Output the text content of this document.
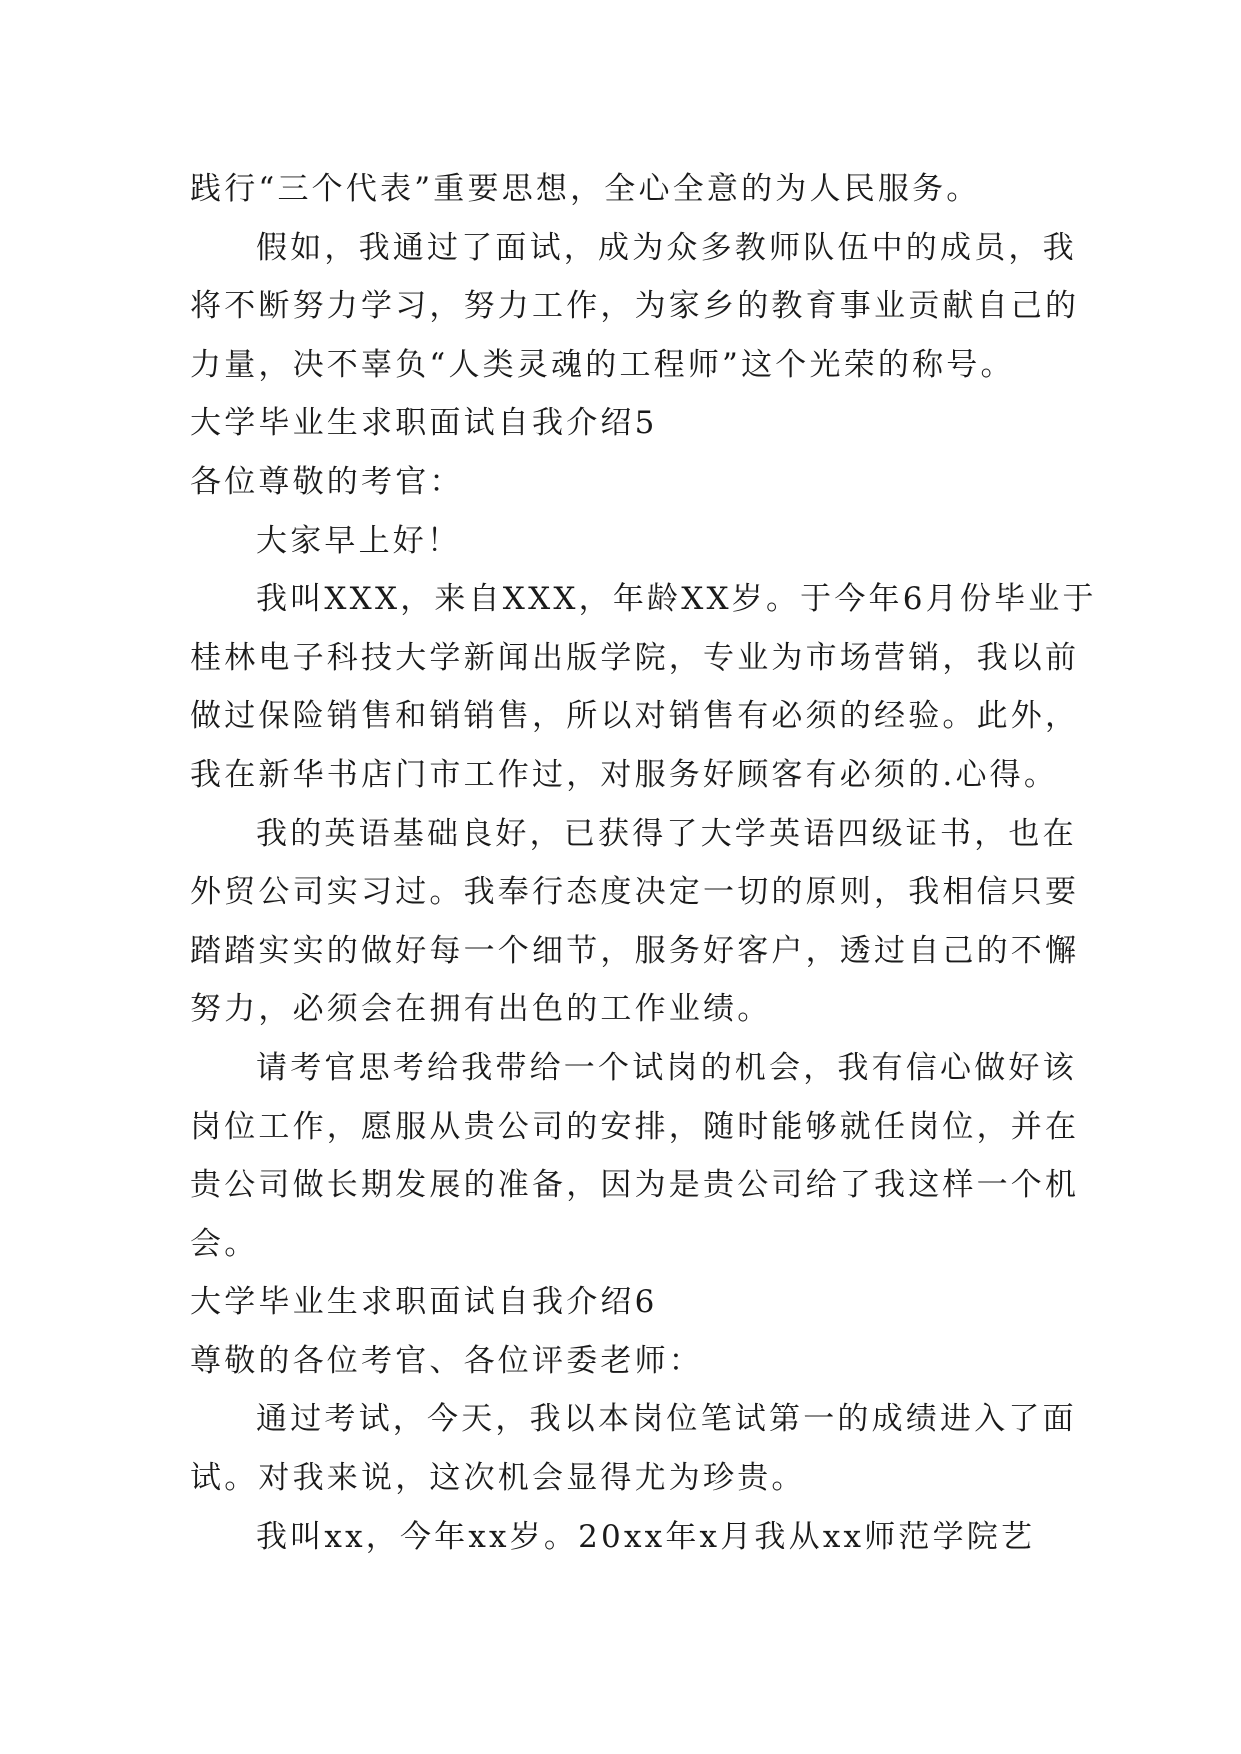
践行“三个代表”重要思想，全心全意的为人民服务。
假如，我通过了面试，成为众多教师队伍中的成员，我
将不断努力学习，努力工作，为家乡的教育事业贡献自己的
力量，决不辜负“人类灵魂的工程师”这个光荣的称号。
大学毕业生求职面试自我介绍5
各位尊敬的考官：
大家早上好！
我叫XXX，来自XXX，年龄XX岁。于今年6月份毕业于
桂林电子科技大学新闻出版学院，专业为市场营销，我以前
做过保险销售和销销售，所以对销售有必须的经验。此外，
我在新华书店门市工作过，对服务好顾客有必须的.心得。
我的英语基础良好，已获得了大学英语四级证书，也在
外贸公司实习过。我奉行态度决定一切的原则，我相信只要
踏踏实实的做好每一个细节，服务好客户，透过自己的不懈
努力，必须会在拥有出色的工作业绩。
请考官思考给我带给一个试岗的机会，我有信心做好该
岗位工作，愿服从贵公司的安排，随时能够就任岗位，并在
贵公司做长期发展的准备，因为是贵公司给了我这样一个机
会。
大学毕业生求职面试自我介绍6
尊敬的各位考官、各位评委老师：
通过考试，今天，我以本岗位笔试第一的成绩进入了面
试。对我来说，这次机会显得尤为珍贵。
我叫xx，今年xx岁。20xx年x月我从xx师范学院艺
